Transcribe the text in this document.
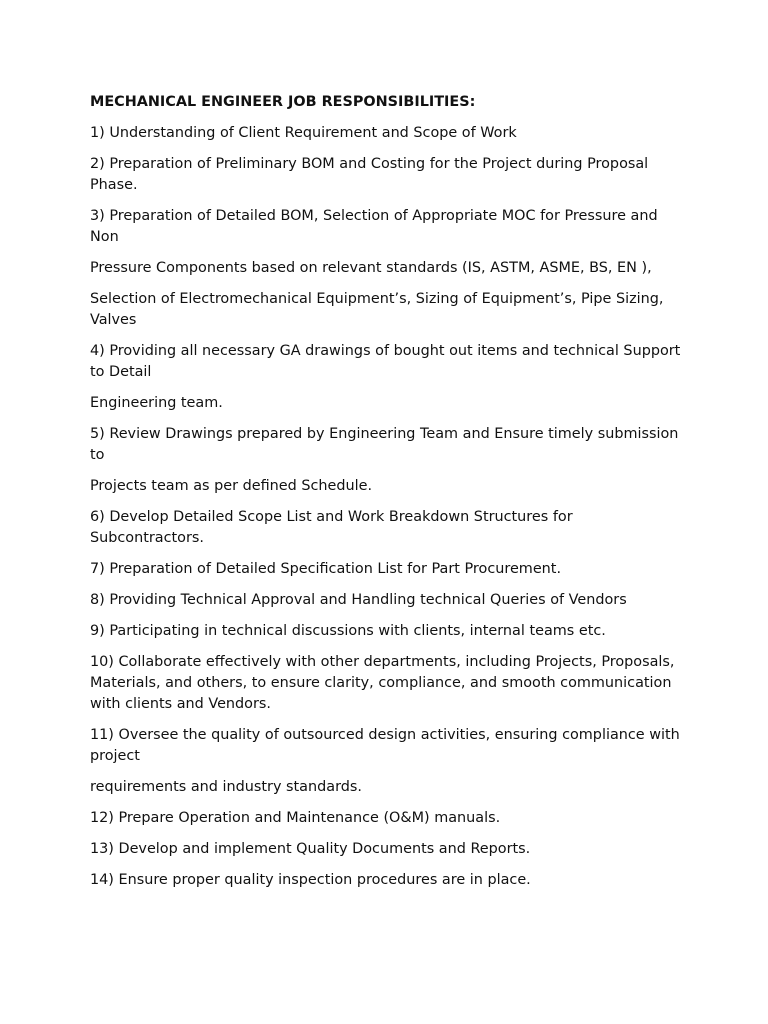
MECHANICAL ENGINEER JOB RESPONSIBILITIES:
1) Understanding of Client Requirement and Scope of Work
2) Preparation of Preliminary BOM and Costing for the Project during Proposal Phase.
3) Preparation of Detailed BOM, Selection of Appropriate MOC for Pressure and Non
Pressure Components based on relevant standards (IS, ASTM, ASME, BS, EN ),
Selection of Electromechanical Equipment’s, Sizing of Equipment’s, Pipe Sizing, Valves
4) Providing all necessary GA drawings of bought out items and technical Support to Detail
Engineering team.
5) Review Drawings prepared by Engineering Team and Ensure timely submission to
Projects team as per defined Schedule.
6) Develop Detailed Scope List and Work Breakdown Structures for Subcontractors.
7) Preparation of Detailed Specification List for Part Procurement.
8) Providing Technical Approval and Handling technical Queries of Vendors
9) Participating in technical discussions with clients, internal teams etc.
10) Collaborate effectively with other departments, including Projects, Proposals, Materials, and others, to ensure clarity, compliance, and smooth communication with clients and Vendors.
11) Oversee the quality of outsourced design activities, ensuring compliance with project
requirements and industry standards.
12) Prepare Operation and Maintenance (O&M) manuals.
13) Develop and implement Quality Documents and Reports.
14) Ensure proper quality inspection procedures are in place.
